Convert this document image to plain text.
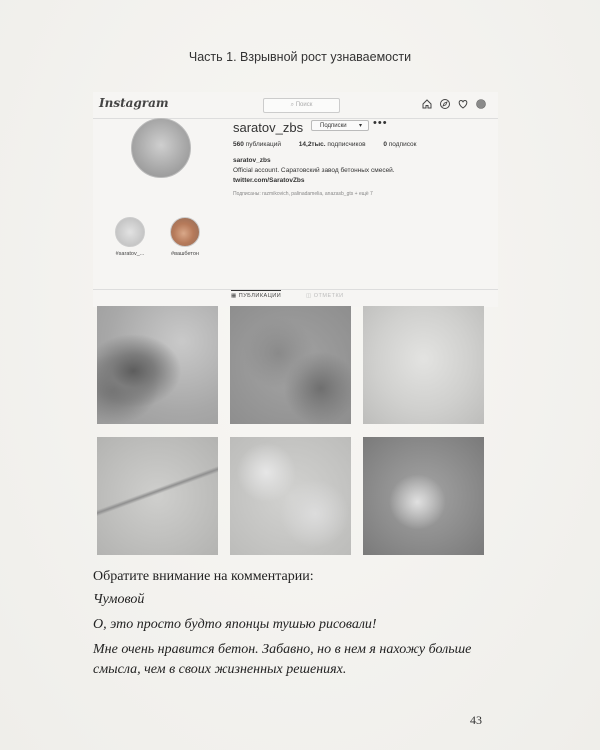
Часть 1. Взрывной рост узнаваемости
Instagram	⌕ Поиск
saratov_zbs	Подписки ▾ •••
560 публикаций	14,2тыс. подписчиков	0 подписок
saratov_zbs
Official account. Саратовский завод бетонных смесей.
twitter.com/SaratovZbs
Подписаны: razmikovich, palinadamelia, anazasb_gts + ещё 7
#saratov_...	#вашбетон
▦ ПУБЛИКАЦИИ	◫ ОТМЕТКИ

Обратите внимание на комментарии:

Чумовой

О, это просто будто японцы тушью рисовали!

Мне очень нравится бетон. Забавно, но в нем я нахожу больше смысла, чем в своих жизненных решениях.

43
